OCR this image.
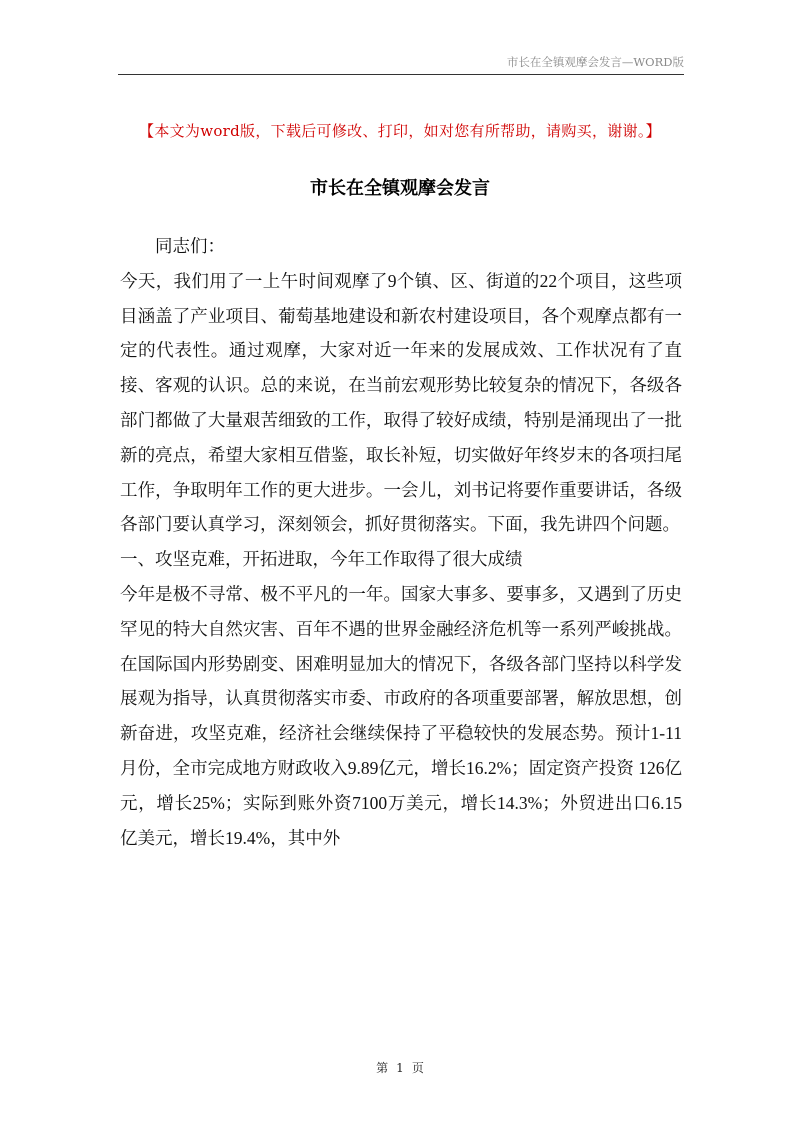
市长在全镇观摩会发言—WORD版
【本文为word版，下载后可修改、打印，如对您有所帮助，请购买，谢谢。】
市长在全镇观摩会发言

同志们：

今天，我们用了一上午时间观摩了9个镇、区、街道的22个项目，这些项目涵盖了产业项目、葡萄基地建设和新农村建设项目，各个观摩点都有一定的代表性。通过观摩，大家对近一年来的发展成效、工作状况有了直接、客观的认识。总的来说，在当前宏观形势比较复杂的情况下，各级各部门都做了大量艰苦细致的工作，取得了较好成绩，特别是涌现出了一批新的亮点，希望大家相互借鉴，取长补短，切实做好年终岁末的各项扫尾工作，争取明年工作的更大进步。一会儿，刘书记将要作重要讲话，各级各部门要认真学习，深刻领会，抓好贯彻落实。下面，我先讲四个问题。

一、攻坚克难，开拓进取，今年工作取得了很大成绩

今年是极不寻常、极不平凡的一年。国家大事多、要事多，又遇到了历史罕见的特大自然灾害、百年不遇的世界金融经济危机等一系列严峻挑战。在国际国内形势剧变、困难明显加大的情况下，各级各部门坚持以科学发展观为指导，认真贯彻落实市委、市政府的各项重要部署，解放思想，创新奋进，攻坚克难，经济社会继续保持了平稳较快的发展态势。预计1-11月份，全市完成地方财政收入9.89亿元，增长16.2%；固定资产投资 126亿元，增长25%；实际到账外资7100万美元，增长14.3%；外贸进出口6.15亿美元，增长19.4%，其中外

第 1 页
